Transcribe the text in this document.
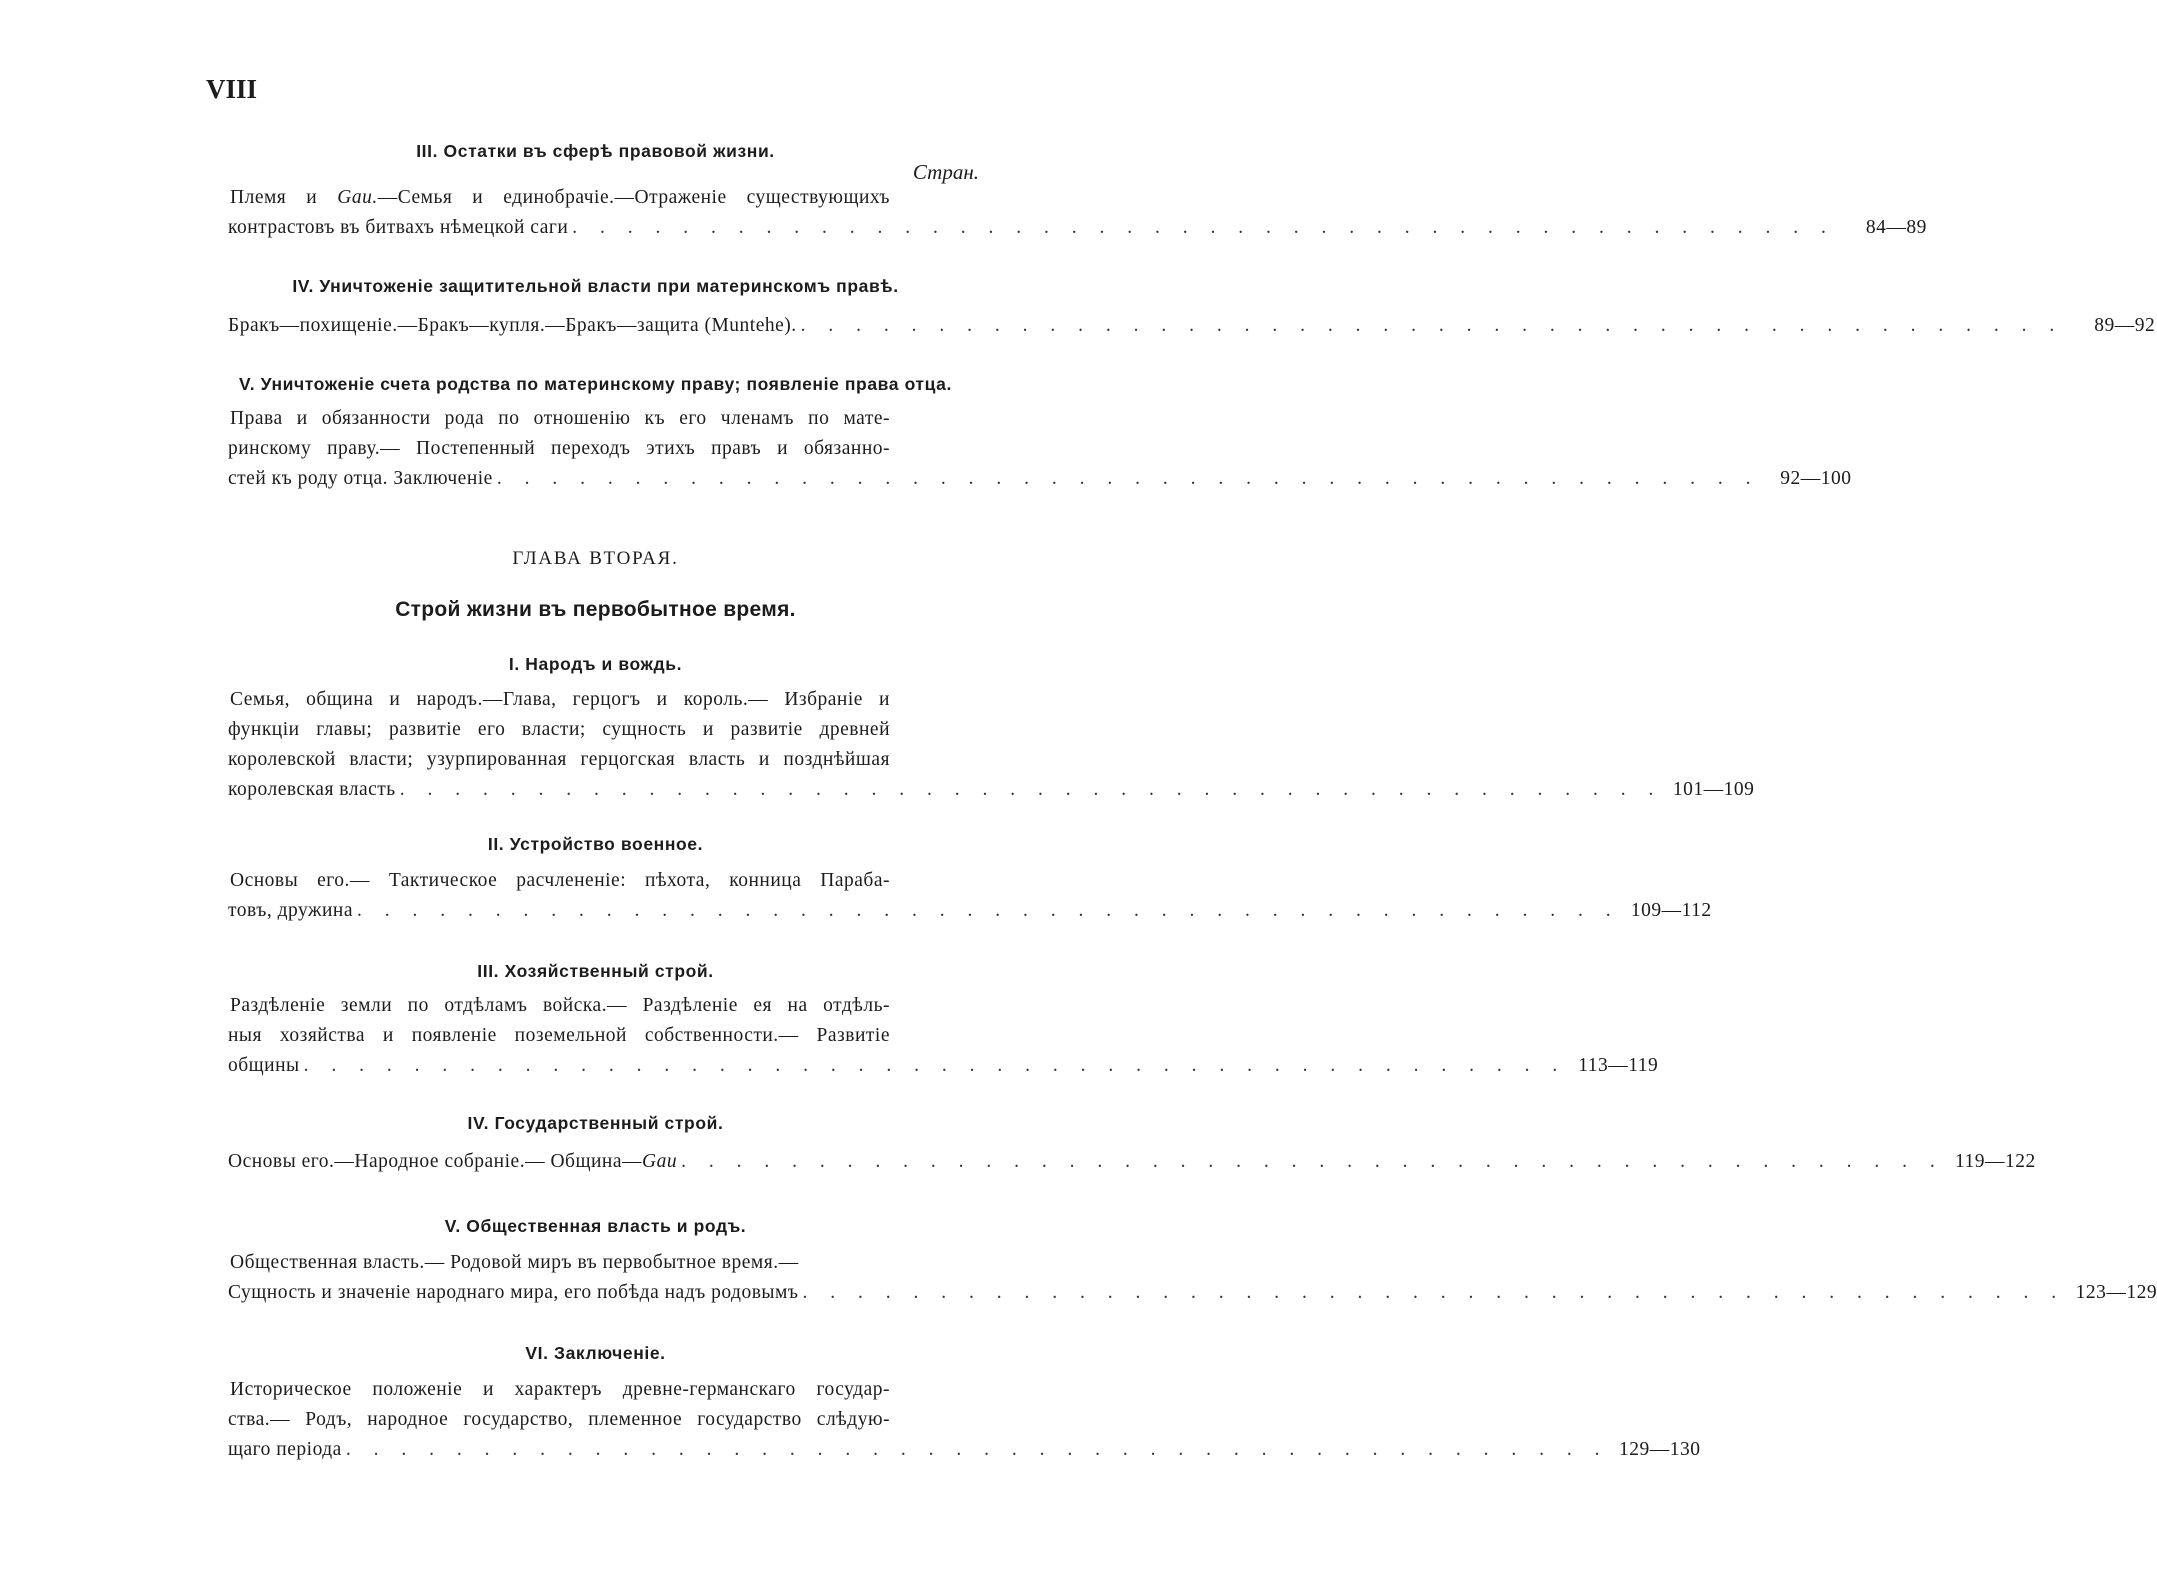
VIII
III. Остатки въ сферѣ правовой жизни.
Стран.
Племя и Gau.—Семья и единобрачіе.—Отраженіе существующихъ
контрастовъ въ битвахъ нѣмецкой саги . . . . . . . . . . . . . . . . . . . . . . . . . . . . . . . . . . . . . . . . . . . . . .	84—89
IV. Уничтоженіе защитительной власти при материнскомъ правѣ.
Бракъ—похищеніе.—Бракъ—купля.—Бракъ—защита (Muntehe). . . . . . . . . . . . . . . . . . . . . . . . . . . . . . . . . . . . . . . . . . . . . . .	89—92
V. Уничтоженіе счета родства по материнскому праву; появленіе права отца.
Права и обязанности рода по отношенію къ его членамъ по мате-
ринскому праву.— Постепенный переходъ этихъ правъ и обязанно-
стей къ роду отца. Заключеніе . . . . . . . . . . . . . . . . . . . . . . . . . . . . . . . . . . . . . . . . . . . . . .	92—100
ГЛАВА ВТОРАЯ.
Строй жизни въ первобытное время.
I. Народъ и вождь.
Семья, община и народъ.—Глава, герцогъ и король.— Избраніе и
функціи главы; развитіе его власти; сущность и развитіе древней
королевской власти; узурпированная герцогская власть и позднѣйшая
королевская власть . . . . . . . . . . . . . . . . . . . . . . . . . . . . . . . . . . . . . . . . . . . . . . 101—109
II. Устройство военное.
Основы его.— Тактическое расчлененіе: пѣхота, конница Параба-
товъ, дружина . . . . . . . . . . . . . . . . . . . . . . . . . . . . . . . . . . . . . . . . . . . . . . 109—112
III. Хозяйственный строй.
Раздѣленіе земли по отдѣламъ войска.— Раздѣленіе ея на отдѣль-
ныя хозяйства и появленіе поземельной собственности.— Развитіе
общины . . . . . . . . . . . . . . . . . . . . . . . . . . . . . . . . . . . . . . . . . . . . . . 113—119
IV. Государственный строй.
Основы его.—Народное собраніе.— Община—Gau . . . . . . . . . . . . . . . . . . . . . . . . . . . . . . . . . . . . . . . . . . . . . . 119—122
V. Общественная власть и родъ.
Общественная власть.— Родовой миръ въ первобытное время.—
Сущность и значеніе народнаго мира, его побѣда надъ родовымъ . . . . . . . . . . . . . . . . . . . . . . . . . . . . . . . . . . . . . . . . . . . . . . 123—129
VI. Заключеніе.
Историческое положеніе и характеръ древне-германскаго государ-
ства.— Родъ, народное государство, племенное государство слѣдую-
щаго періода . . . . . . . . . . . . . . . . . . . . . . . . . . . . . . . . . . . . . . . . . . . . . . 129—130
